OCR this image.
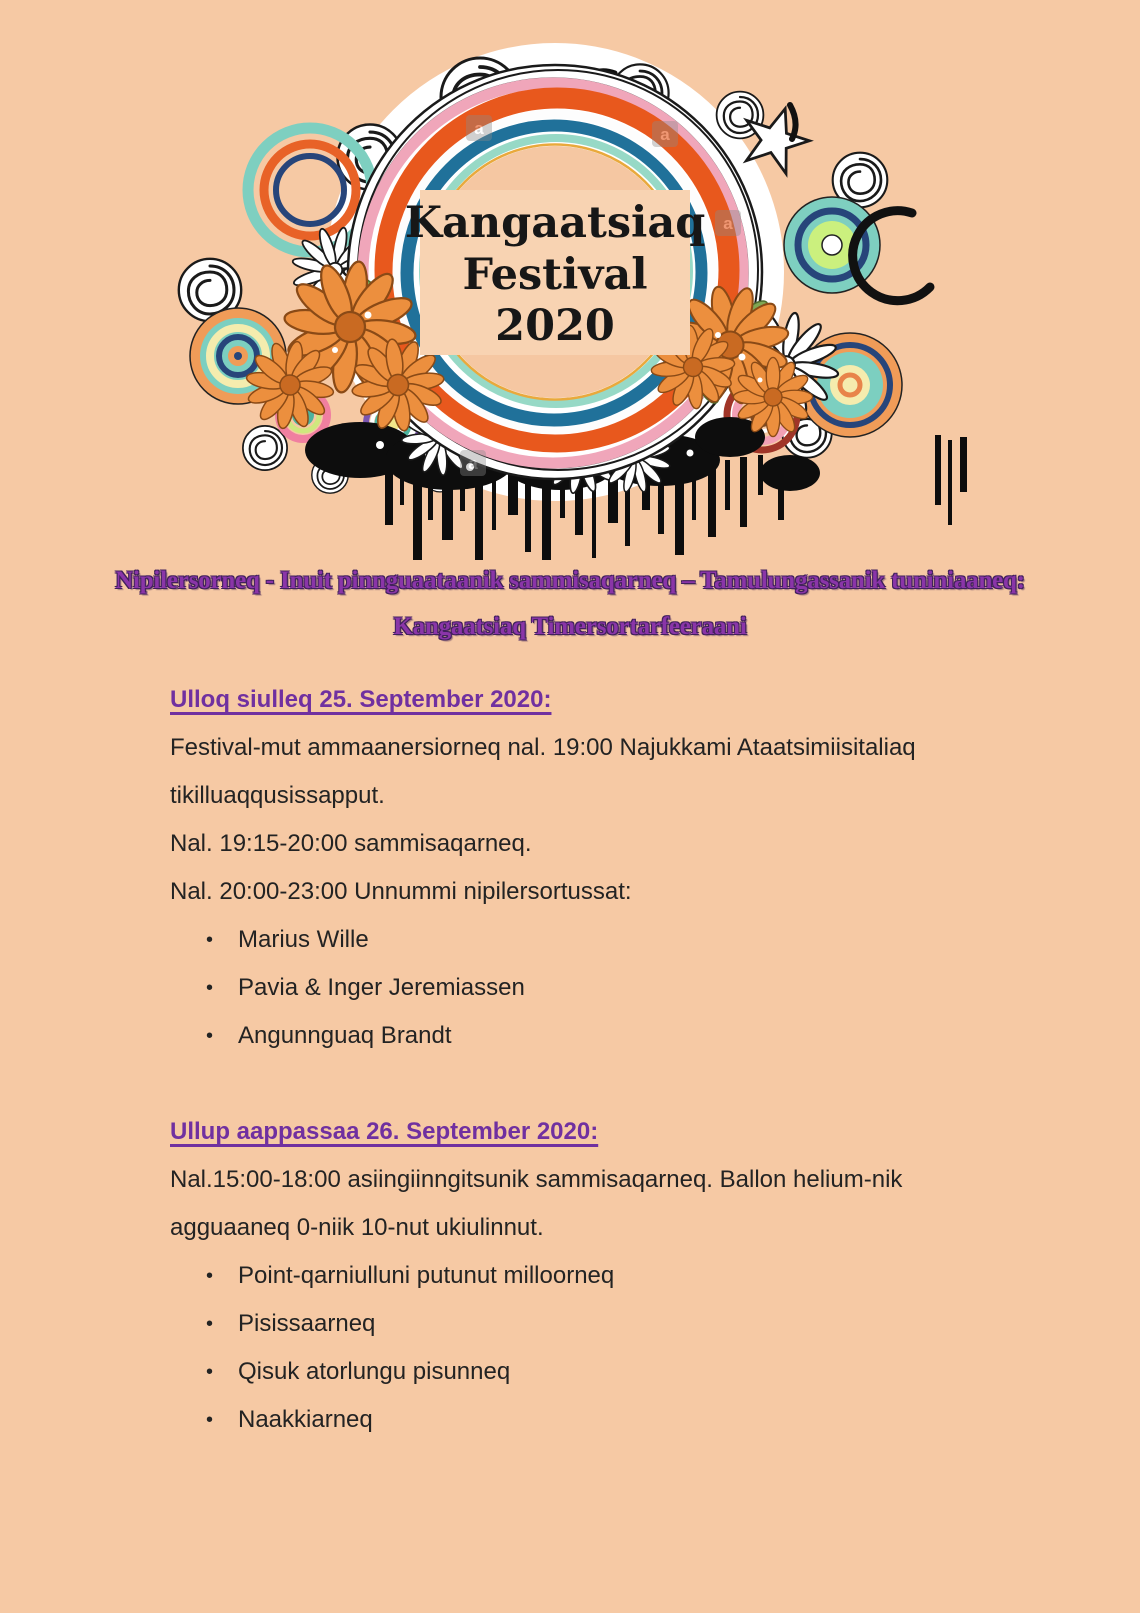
a	a
a
a
Kangaatsiaq
Festival
2020
Nipilersorneq - Inuit pinnguaataanik sammisaqarneq – Tamulungassanik tuniniaaneq:
Kangaatsiaq Timersortarfeeraani
Ulloq siulleq 25. September 2020:
Festival-mut ammaanersiorneq nal. 19:00 Najukkami Ataatsimiisitaliaq
tikilluaqqusissapput.
Nal. 19:15-20:00 sammisaqarneq.
Nal. 20:00-23:00 Unnummi nipilersortussat:
•	Marius Wille
•	Pavia & Inger Jeremiassen
•	Angunnguaq Brandt
Ullup aappassaa 26. September 2020:
Nal.15:00-18:00 asiingiinngitsunik sammisaqarneq. Ballon helium-nik
agguaaneq 0-niik 10-nut ukiulinnut.
•	Point-qarniulluni putunut milloorneq
•	Pisissaarneq
•	Qisuk atorlungu pisunneq
•	Naakkiarneq
